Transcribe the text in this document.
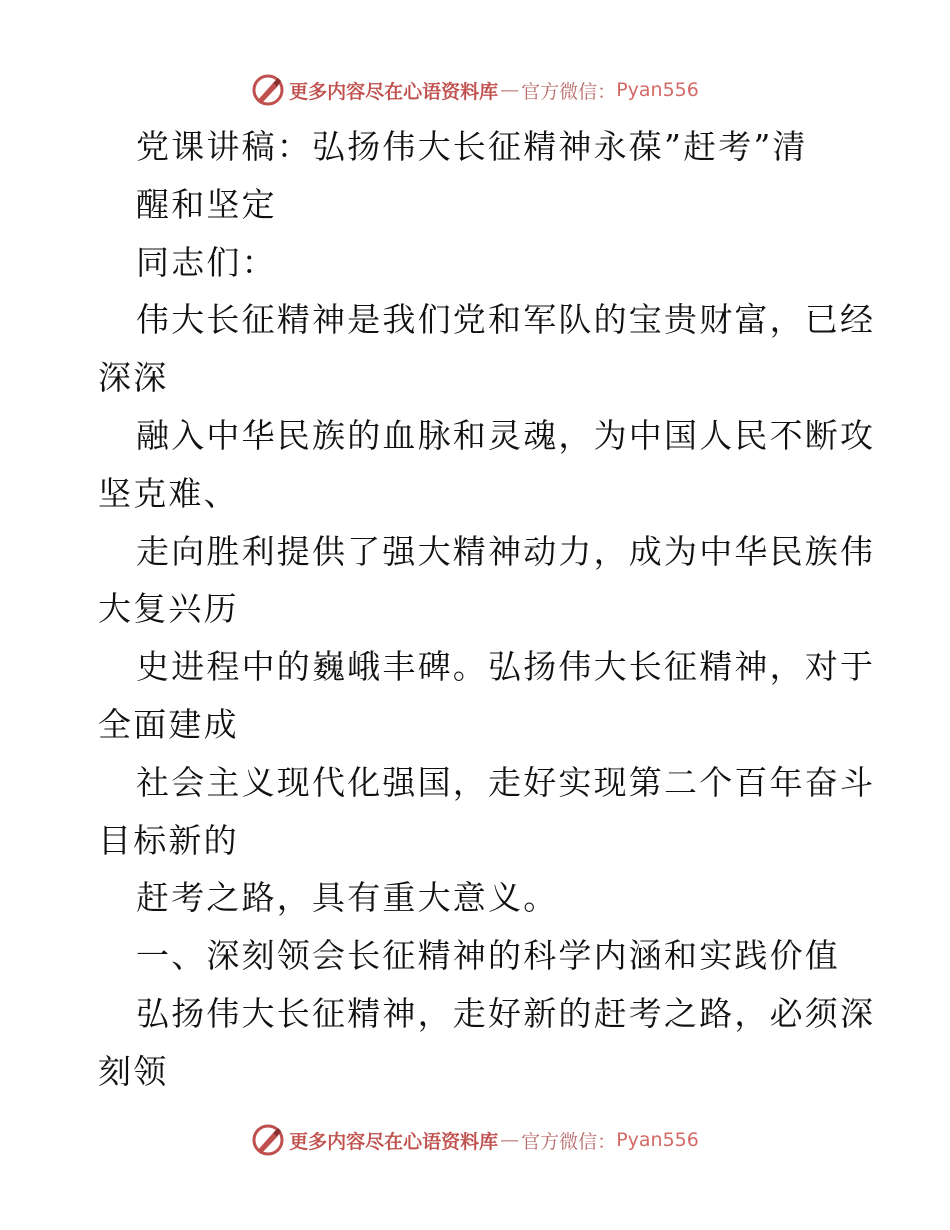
更多内容尽在心语资料库 — 官方微信： Pyan556
党课讲稿：弘扬伟大长征精神永葆”赶考”清
醒和坚定
同志们：
伟大长征精神是我们党和军队的宝贵财富，已经
深深
融入中华民族的血脉和灵魂，为中国人民不断攻
坚克难、
走向胜利提供了强大精神动力，成为中华民族伟
大复兴历
史进程中的巍峨丰碑。弘扬伟大长征精神，对于
全面建成
社会主义现代化强国，走好实现第二个百年奋斗
目标新的
赶考之路，具有重大意义。
一、深刻领会长征精神的科学内涵和实践价值
弘扬伟大长征精神，走好新的赶考之路，必须深
刻领
更多内容尽在心语资料库 — 官方微信： Pyan556
